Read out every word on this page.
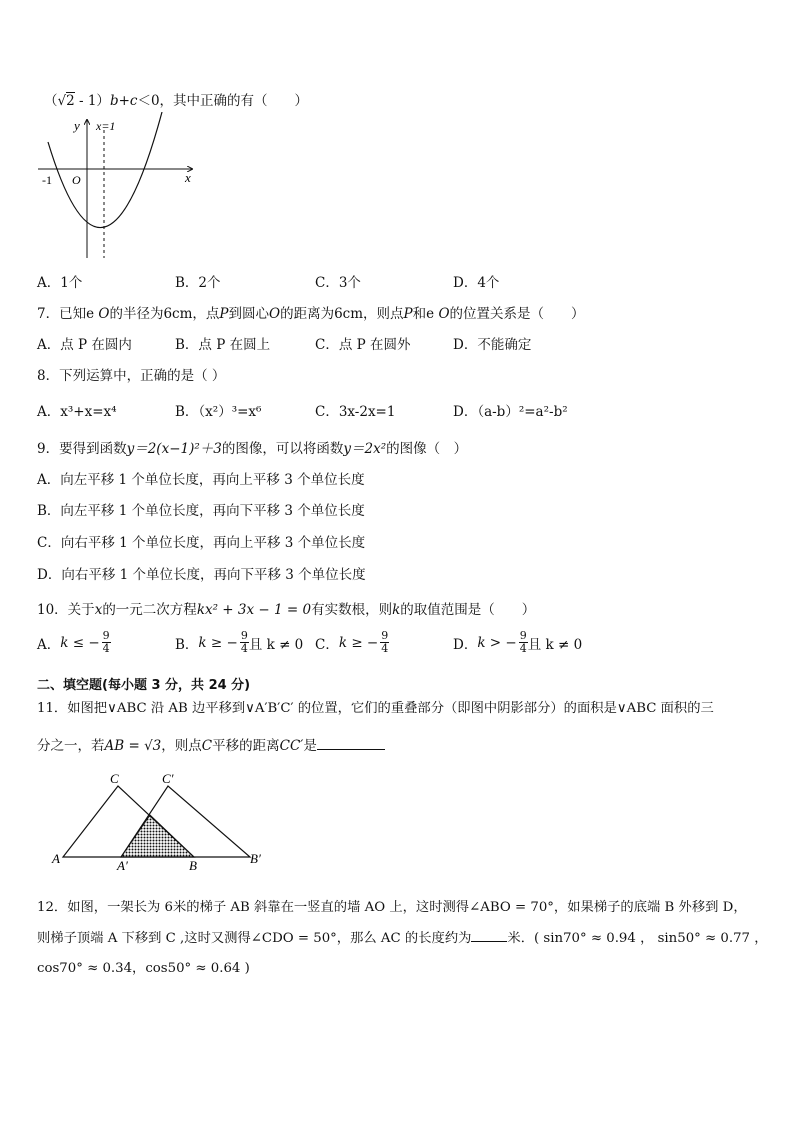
（√2 - 1）b+c＜0，其中正确的有（　　）
y x=1
x
O
-1
A．1个	B．2个	C．3个	D．4个
7．已知e O的半径为6cm，点P到圆心O的距离为6cm，则点P和e O的位置关系是（　　）
A．点 P 在圆内	B．点 P 在圆上	C．点 P 在圆外	D．不能确定
8．下列运算中，正确的是（ ）
A．x³+x=x⁴	B．（x²）³=x⁶	C．3x-2x=1	D．（a-b）²=a²-b²
9．要得到函数y＝2(x−1)²＋3的图像，可以将函数y＝2x²的图像（　）
A．向左平移 1 个单位长度，再向上平移 3 个单位长度
B．向左平移 1 个单位长度，再向下平移 3 个单位长度
C．向右平移 1 个单位长度，再向上平移 3 个单位长度
D．向右平移 1 个单位长度，再向下平移 3 个单位长度
10．关于x的一元二次方程kx² + 3x − 1 = 0有实数根，则k的取值范围是（　　）
A． k ≤ − $\frac{9}{4}$	B． k ≥ − $\frac{9}{4}$ 且 k ≠ 0 C． k ≥ − $\frac{9}{4}$	D． k > − $\frac{9}{4}$ 且 k ≠ 0
二、填空题(每小题 3 分，共 24 分)
11．如图把∨ABC 沿 AB 边平移到∨A′B′C′ 的位置，它们的重叠部分（即图中阴影部分）的面积是∨ABC 面积的三
分之一，若AB = √3，则点C平移的距离CC′是
A	A′	B	B′
C	C′
12．如图，一架长为 6米的梯子 AB 斜靠在一竖直的墙 AO 上，这时测得∠ABO = 70°，如果梯子的底端 B 外移到 D，
则梯子顶端 A 下移到 C ,这时又测得∠CDO = 50°，那么 AC 的长度约为	米．( sin70° ≈ 0.94 ， sin50° ≈ 0.77 ，
cos70° ≈ 0.34，cos50° ≈ 0.64 )
